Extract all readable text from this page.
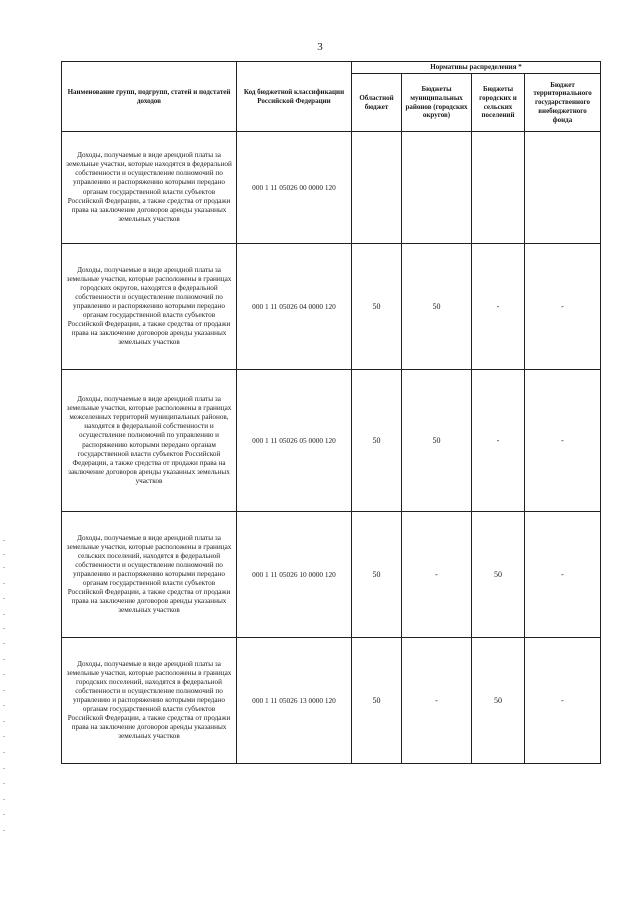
3
Наименование групп, подгрупп, статей и подстатей доходов	Код бюджетной классификации Российской Федерации	Нормативы распределения *			
		Областной бюджет	Бюджеты муниципальных районов (городских округов)	Бюджеты городских и сельских поселений	Бюджет территориального государственного внебюджетного фонда
Доходы, получаемые в виде арендной платы за земельные участки, которые находятся в федеральной собственности и осуществление полномочий по управлению и распоряжению которыми передано органам государственной власти субъектов Российской Федерации, а также средства от продажи права на заключение договоров аренды указанных земельных участков	000 1 11 05026 00 0000 120				
Доходы, получаемые в виде арендной платы за земельные участки, которые расположены в границах городских округов, находятся в федеральной собственности и осуществление полномочий по управлению и распоряжению которыми передано органам государственной власти субъектов Российской Федерации, а также средства от продажи права на заключение договоров аренды указанных земельных участков	000 1 11 05026 04 0000 120	50	50	-	-
Доходы, получаемые в виде арендной платы за земельные участки, которые расположены в границах межселенных территорий муниципальных районов, находятся в федеральной собственности и осуществление полномочий по управлению и распоряжению которыми передано органам государственной власти субъектов Российской Федерации, а также средства от продажи права на заключение договоров аренды указанных земельных участков	000 1 11 05026 05 0000 120	50	50	-	-
Доходы, получаемые в виде арендной платы за земельные участки, которые расположены в границах сельских поселений, находятся в федеральной собственности и осуществление полномочий по управлению и распоряжению которыми передано органам государственной власти субъектов Российской Федерации, а также средства от продажи права на заключение договоров аренды указанных земельных участков	000 1 11 05026 10 0000 120	50	-	50	-
Доходы, получаемые в виде арендной платы за земельные участки, которые расположены в границах городских поселений, находятся в федеральной собственности и осуществление полномочий по управлению и распоряжению которыми передано органам государственной власти субъектов Российской Федерации, а также средства от продажи права на заключение договоров аренды указанных земельных участков	000 1 11 05026 13 0000 120	50	-	50	-
